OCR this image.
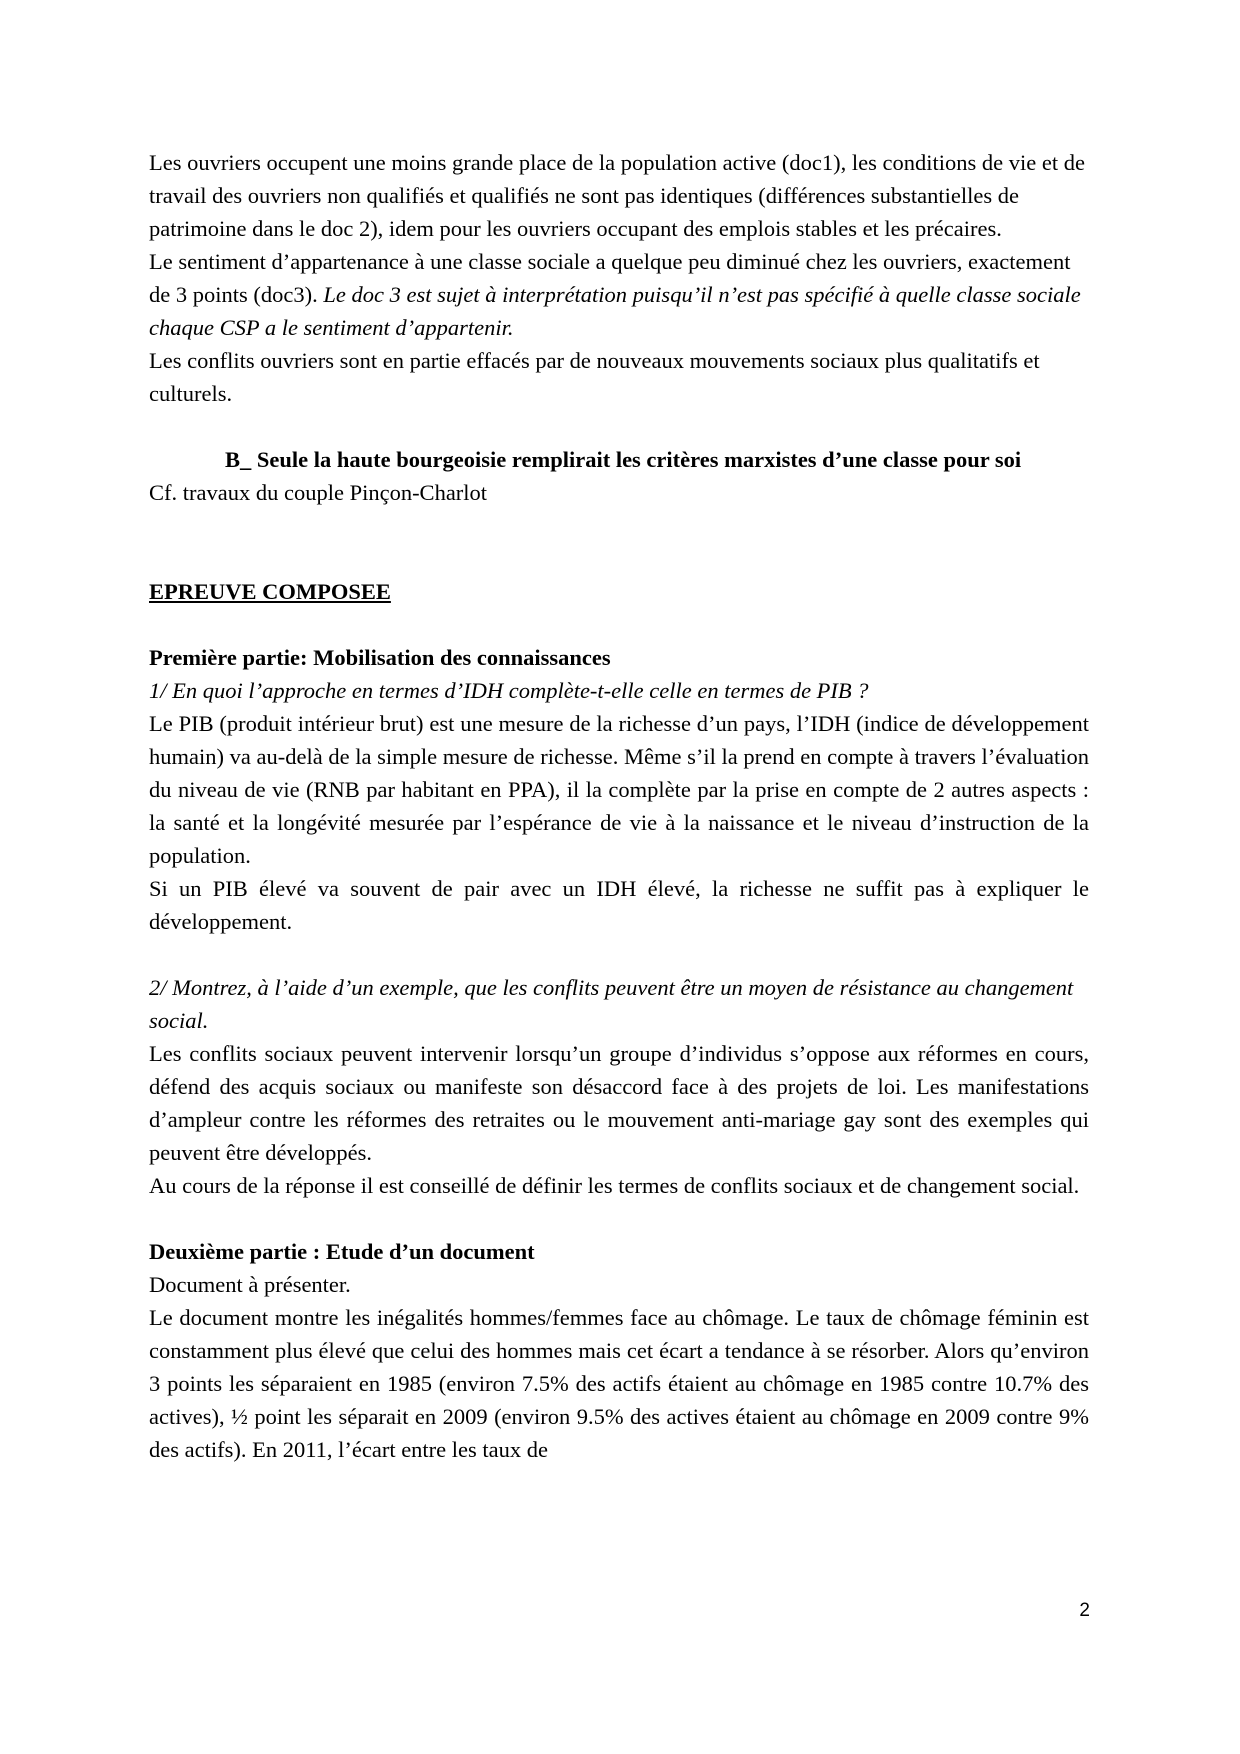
Les ouvriers occupent une moins grande place de la population active (doc1), les conditions de vie et de travail des ouvriers non qualifiés et qualifiés ne sont pas identiques (différences substantielles de patrimoine dans le doc 2), idem pour les ouvriers occupant des emplois stables et les précaires.

Le sentiment d’appartenance à une classe sociale a quelque peu diminué chez les ouvriers, exactement de 3 points (doc3). Le doc 3 est sujet à interprétation puisqu’il n’est pas spécifié à quelle classe sociale chaque CSP a le sentiment d’appartenir.

Les conflits ouvriers sont en partie effacés par de nouveaux mouvements sociaux plus qualitatifs et culturels.

B_ Seule la haute bourgeoisie remplirait les critères marxistes d’une classe pour soi

Cf. travaux du couple Pinçon-Charlot

EPREUVE COMPOSEE

Première partie: Mobilisation des connaissances

1/ En quoi l’approche en termes d’IDH complète-t-elle celle en termes de PIB ?

Le PIB (produit intérieur brut) est une mesure de la richesse d’un pays, l’IDH (indice de développement humain) va au-delà de la simple mesure de richesse. Même s’il la prend en compte à travers l’évaluation du niveau de vie (RNB par habitant en PPA), il la complète par la prise en compte de 2 autres aspects : la santé et la longévité mesurée par l’espérance de vie à la naissance et le niveau d’instruction de la population.

Si un PIB élevé va souvent de pair avec un IDH élevé, la richesse ne suffit pas à expliquer le développement.

2/ Montrez, à l’aide d’un exemple, que les conflits peuvent être un moyen de résistance au changement social.

Les conflits sociaux peuvent intervenir lorsqu’un groupe d’individus s’oppose aux réformes en cours, défend des acquis sociaux ou manifeste son désaccord face à des projets de loi. Les manifestations d’ampleur contre les réformes des retraites ou le mouvement anti-mariage gay sont des exemples qui peuvent être développés.

Au cours de la réponse il est conseillé de définir les termes de conflits sociaux et de changement social.

Deuxième partie : Etude d’un document

Document à présenter.

Le document montre les inégalités hommes/femmes face au chômage. Le taux de chômage féminin est constamment plus élevé que celui des hommes mais cet écart a tendance à se résorber. Alors qu’environ 3 points les séparaient en 1985 (environ 7.5% des actifs étaient au chômage en 1985 contre 10.7% des actives), ½ point les séparait en 2009 (environ 9.5% des actives étaient au chômage en 2009 contre 9% des actifs). En 2011, l’écart entre les taux de

2
